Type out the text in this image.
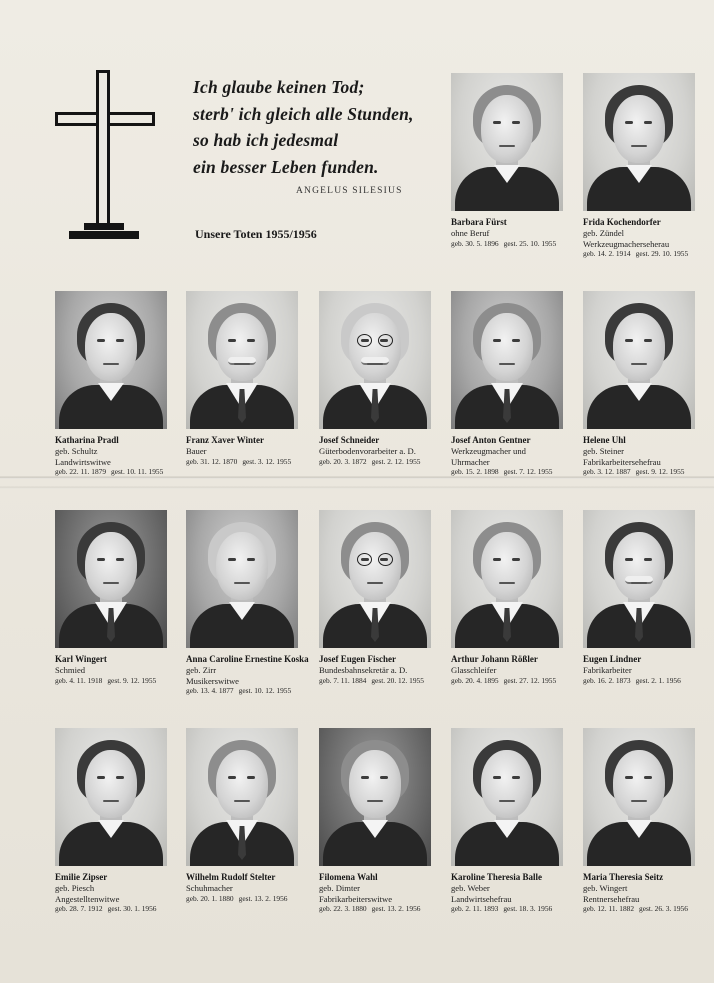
Ich glaube keinen Tod;
sterb' ich gleich alle Stunden,
so hab ich jedesmal
ein besser Leben funden.
ANGELUS SILESIUS
Unsere Toten 1955/1956
Barbara Fürst
ohne Beruf
geb. 30. 5. 1896 gest. 25. 10. 1955
Frida Kochendorfer
geb. Zündel
Werkzeugmacherseherau
geb. 14. 2. 1914 gest. 29. 10. 1955
Katharina Pradl
geb. Schultz
Landwirtswitwe
geb. 22. 11. 1879 gest. 10. 11. 1955
Franz Xaver Winter
Bauer
geb. 31. 12. 1870 gest. 3. 12. 1955
Josef Schneider
Güterbodenvorarbeiter a. D.
geb. 20. 3. 1872 gest. 2. 12. 1955
Josef Anton Gentner
Werkzeugmacher und
Uhrmacher
geb. 15. 2. 1898 gest. 7. 12. 1955
Helene Uhl
geb. Steiner
Fabrikarbeitersehefrau
geb. 3. 12. 1887 gest. 9. 12. 1955
Karl Wingert
Schmied
geb. 4. 11. 1918 gest. 9. 12. 1955
Anna Caroline Ernestine Koska
geb. Zirr
Musikerswitwe
geb. 13. 4. 1877 gest. 10. 12. 1955
Josef Eugen Fischer
Bundesbahnsekretär a. D.
geb. 7. 11. 1884 gest. 20. 12. 1955
Arthur Johann Rößler
Glasschleifer
geb. 20. 4. 1895 gest. 27. 12. 1955
Eugen Lindner
Fabrikarbeiter
geb. 16. 2. 1873 gest. 2. 1. 1956
Emilie Zipser
geb. Piesch
Angestelltenwitwe
geb. 28. 7. 1912 gest. 30. 1. 1956
Wilhelm Rudolf Stelter
Schuhmacher
geb. 20. 1. 1880 gest. 13. 2. 1956
Filomena Wahl
geb. Dimter
Fabrikarbeiterswitwe
geb. 22. 3. 1880 gest. 13. 2. 1956
Karoline Theresia Balle
geb. Weber
Landwirtsehefrau
geb. 2. 11. 1893 gest. 18. 3. 1956
Maria Theresia Seitz
geb. Wingert
Rentnersehefrau
geb. 12. 11. 1882 gest. 26. 3. 1956
